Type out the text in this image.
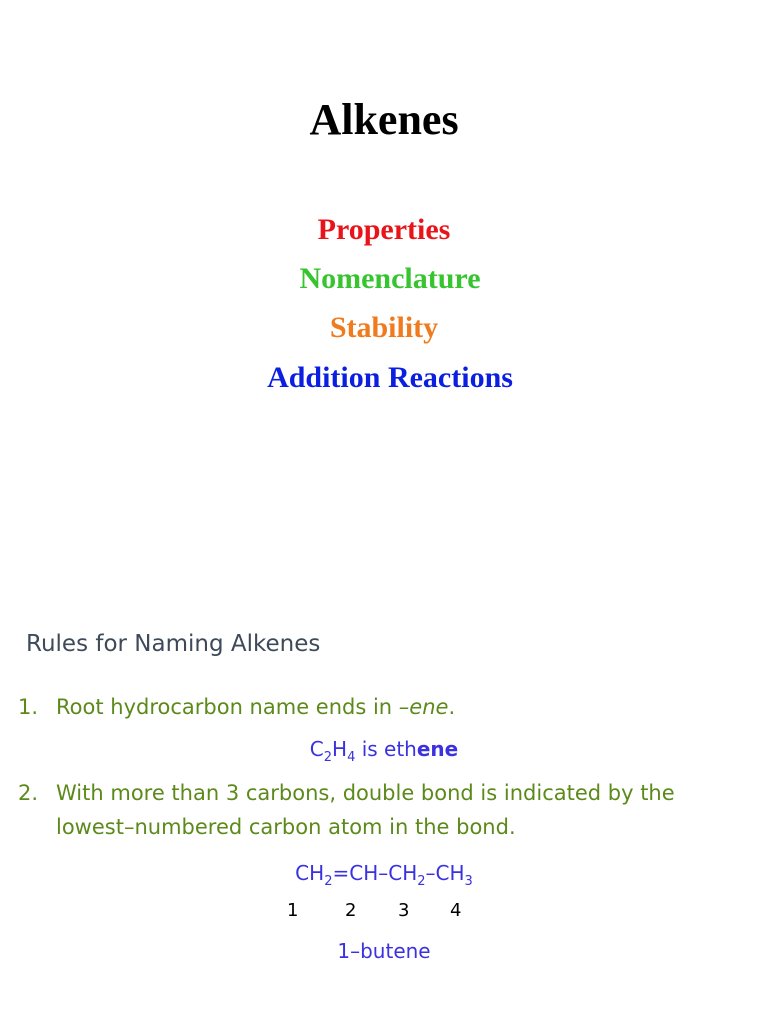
Alkenes
Properties
Nomenclature
Stability
Addition Reactions
Rules for Naming Alkenes
1. Root hydrocarbon name ends in –ene.
$C_2H_4$ is ethene
2. With more than 3 carbons, double bond is indicated by the lowest–numbered carbon atom in the bond.
$CH_2=CH-CH_2-CH_3$
1	2 3 4
1–butene
